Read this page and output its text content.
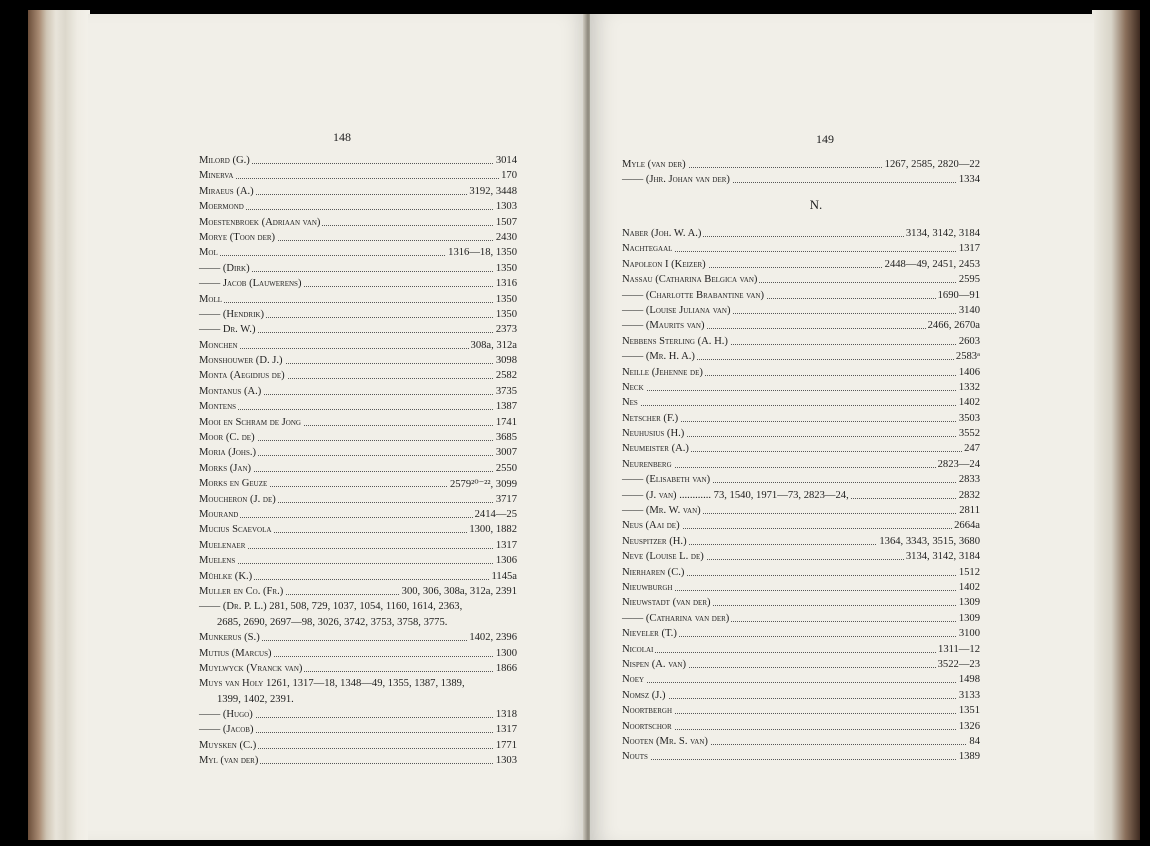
148
Milord (G.)	3014
Minerva	170
Miraeus (A.)	3192, 3448
Moermond	1303
Moestenbroek (Adriaan van)	1507
Morye (Toon der)	2430
Mol	1316—18, 1350
—— (Dirk)	1350
—— Jacob (Lauwerens)	1316
Moll	1350
—— (Hendrik)	1350
—— Dr. W.)	2373
Monchen	308a, 312a
Monshouwer (D. J.)	3098
Monta (Aegidius de)	2582
Montanus (A.)	3735
Montens	1387
Mooi en Schram de Jong	1741
Moor (C. de)	3685
Moria (Johs.)	3007
Morks (Jan)	2550
Morks en Geuze	2579²⁰⁻²², 3099
Moucheron (J. de)	3717
Mourand	2414—25
Mucius Scaevola	1300, 1882
Muelenaer	1317
Muelens	1306
Mühlke (K.)	1145a
Muller en Co. (Fr.)	300, 306, 308a, 312a, 2391
—— (Dr. P. L.) 281, 508, 729, 1037, 1054, 1160, 1614, 2363,
2685, 2690, 2697—98, 3026, 3742, 3753, 3758, 3775.
Munkerus (S.)	1402, 2396
Mutius (Marcus)	1300
Muylwyck (Vranck van)	1866
Muys van Holy 1261, 1317—18, 1348—49, 1355, 1387, 1389,
1399, 1402, 2391.
—— (Hugo)	1318
—— (Jacob)	1317
Muysken (C.)	1771
Myl (van der)	1303
149
Myle (van der)	1267, 2585, 2820—22
—— (Jhr. Johan van der)	1334
N.
Naber (Joh. W. A.)	3134, 3142, 3184
Nachtegaal	1317
Napoleon I (Keizer)	2448—49, 2451, 2453
Nassau (Catharina Belgica van)	2595
—— (Charlotte Brabantine van)	1690—91
—— (Louise Juliana van)	3140
—— (Maurits van)	2466, 2670a
Nebbens Sterling (A. H.)	2603
—— (Mr. H. A.)	2583ᵃ
Neille (Jehenne de)	1406
Neck	1332
Nes	1402
Netscher (F.)	3503
Neuhusius (H.)	3552
Neumeister (A.)	247
Neurenberg	2823—24
—— (Elisabeth van)	2833
—— (J. van) ............ 73, 1540, 1971—73, 2823—24,	2832
—— (Mr. W. van)	2811
Neus (Aai de)	2664a
Neuspitzer (H.)	1364, 3343, 3515, 3680
Neve (Louise L. de)	3134, 3142, 3184
Nierharen (C.)	1512
Nieuwburgh	1402
Nieuwstadt (van der)	1309
—— (Catharina van der)	1309
Nieveler (T.)	3100
Nicolai	1311—12
Nispen (A. van)	3522—23
Noey	1498
Nomsz (J.)	3133
Noortbergh	1351
Noortschor	1326
Nooten (Mr. S. van)	84
Nouts	1389
